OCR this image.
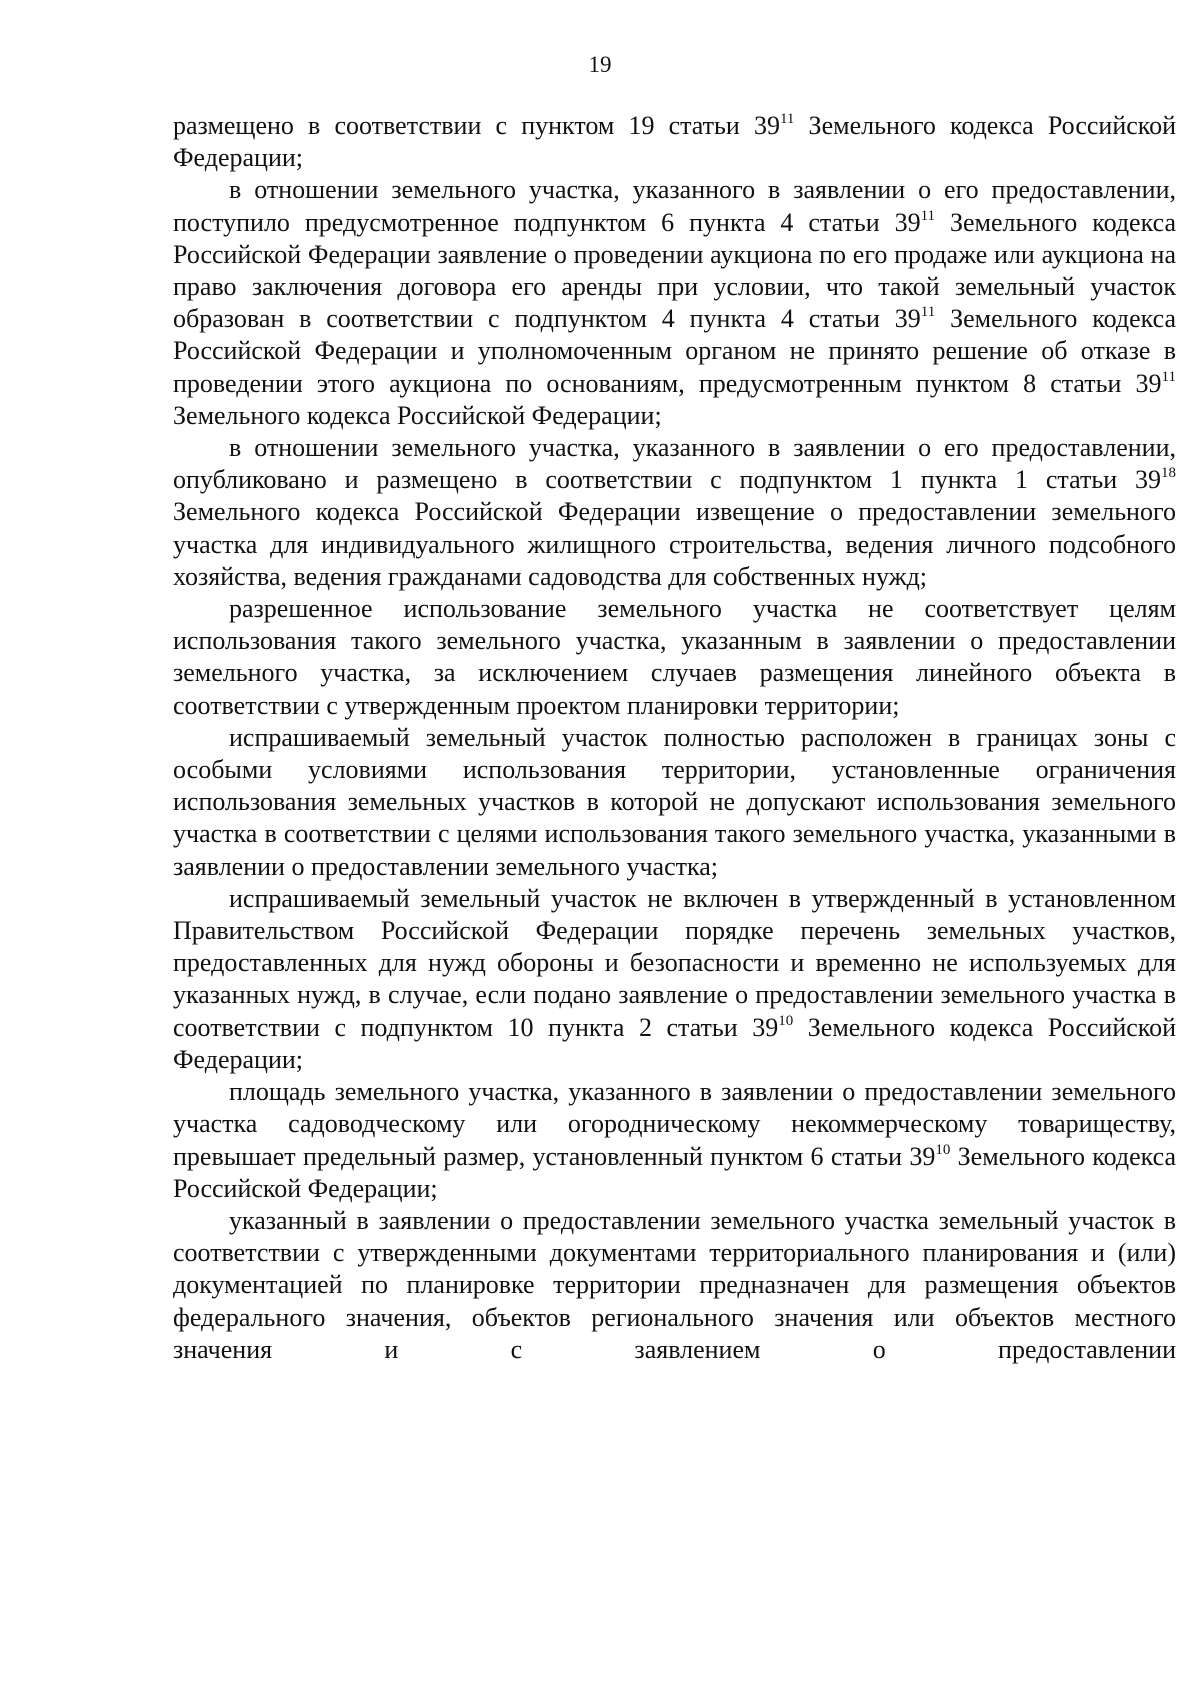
19

размещено в соответствии с пунктом 19 статьи $39^{11}$ Земельного кодекса Российской Федерации;

в отношении земельного участка, указанного в заявлении о его предоставлении, поступило предусмотренное подпунктом 6 пункта 4 статьи $39^{11}$ Земельного кодекса Российской Федерации заявление о проведении аукциона по его продаже или аукциона на право заключения договора его аренды при условии, что такой земельный участок образован в соответствии с подпунктом 4 пункта 4 статьи $39^{11}$ Земельного кодекса Российской Федерации и уполномоченным органом не принято решение об отказе в проведении этого аукциона по основаниям, предусмотренным пунктом 8 статьи $39^{11}$ Земельного кодекса Российской Федерации;

в отношении земельного участка, указанного в заявлении о его предоставлении, опубликовано и размещено в соответствии с подпунктом 1 пункта 1 статьи $39^{18}$ Земельного кодекса Российской Федерации извещение о предоставлении земельного участка для индивидуального жилищного строительства, ведения личного подсобного хозяйства, ведения гражданами садоводства для собственных нужд;

разрешенное использование земельного участка не соответствует целям использования такого земельного участка, указанным в заявлении о предоставлении земельного участка, за исключением случаев размещения линейного объекта в соответствии с утвержденным проектом планировки территории;

испрашиваемый земельный участок полностью расположен в границах зоны с особыми условиями использования территории, установленные ограничения использования земельных участков в которой не допускают использования земельного участка в соответствии с целями использования такого земельного участка, указанными в заявлении о предоставлении земельного участка;

испрашиваемый земельный участок не включен в утвержденный в установленном Правительством Российской Федерации порядке перечень земельных участков, предоставленных для нужд обороны и безопасности и временно не используемых для указанных нужд, в случае, если подано заявление о предоставлении земельного участка в соответствии с подпунктом 10 пункта 2 статьи $39^{10}$ Земельного кодекса Российской Федерации;

площадь земельного участка, указанного в заявлении о предоставлении земельного участка садоводческому или огородническому некоммерческому товариществу, превышает предельный размер, установленный пунктом 6 статьи $39^{10}$ Земельного кодекса Российской Федерации;

указанный в заявлении о предоставлении земельного участка земельный участок в соответствии с утвержденными документами территориального планирования и (или) документацией по планировке территории предназначен для размещения объектов федерального значения, объектов регионального значения или объектов местного значения и с заявлением о предоставлении
